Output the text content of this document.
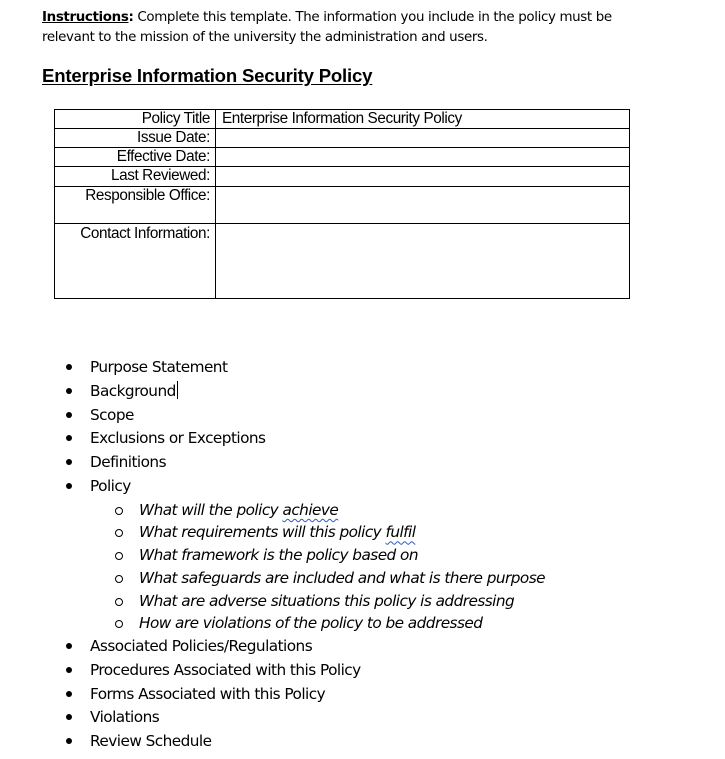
Instructions: Complete this template. The information you include in the policy must be relevant to the mission of the university the administration and users.
Enterprise Information Security Policy
Policy Title	Enterprise Information Security Policy
Issue Date:	
Effective Date:	
Last Reviewed:	
Responsible Office:	
Contact Information:	
Purpose Statement
Background
Scope
Exclusions or Exceptions
Definitions
Policy
What will the policy achieve
What requirements will this policy fulfil
What framework is the policy based on
What safeguards are included and what is there purpose
What are adverse situations this policy is addressing
How are violations of the policy to be addressed
Associated Policies/Regulations
Procedures Associated with this Policy
Forms Associated with this Policy
Violations
Review Schedule
